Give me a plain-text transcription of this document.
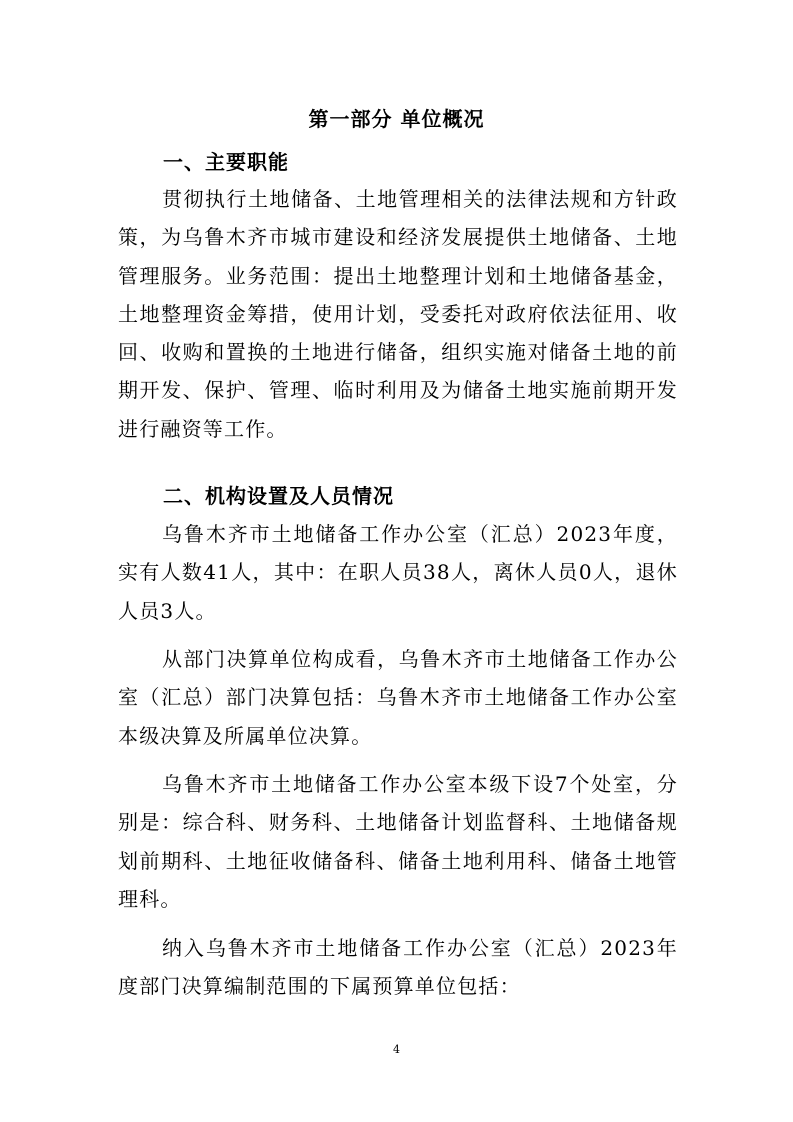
第一部分 单位概况
一、主要职能

贯彻执行土地储备、土地管理相关的法律法规和方针政策，为乌鲁木齐市城市建设和经济发展提供土地储备、土地管理服务。业务范围：提出土地整理计划和土地储备基金，土地整理资金筹措，使用计划，受委托对政府依法征用、收回、收购和置换的土地进行储备，组织实施对储备土地的前期开发、保护、管理、临时利用及为储备土地实施前期开发进行融资等工作。

二、机构设置及人员情况

乌鲁木齐市土地储备工作办公室（汇总）2023年度，实有人数41人，其中：在职人员38人，离休人员0人，退休人员3人。

从部门决算单位构成看，乌鲁木齐市土地储备工作办公室（汇总）部门决算包括：乌鲁木齐市土地储备工作办公室本级决算及所属单位决算。

乌鲁木齐市土地储备工作办公室本级下设7个处室，分别是：综合科、财务科、土地储备计划监督科、土地储备规划前期科、土地征收储备科、储备土地利用科、储备土地管理科。

纳入乌鲁木齐市土地储备工作办公室（汇总）2023年度部门决算编制范围的下属预算单位包括：

4
